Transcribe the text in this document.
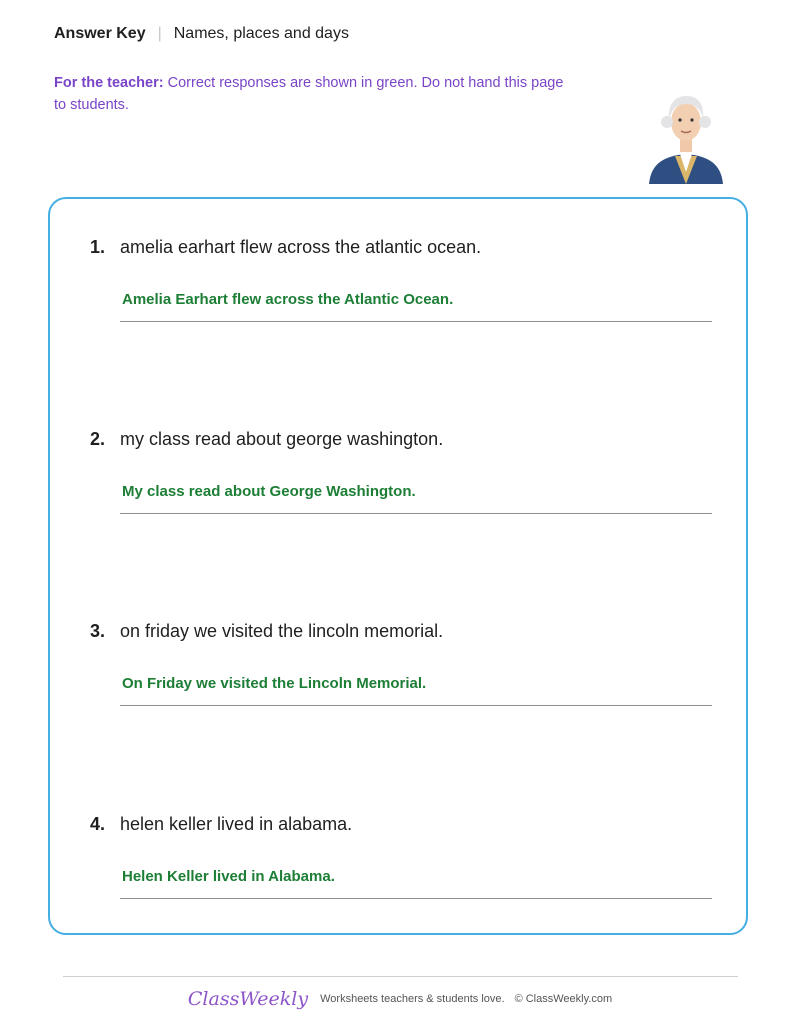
Answer Key | Names, places and days
For the teacher: Correct responses are shown in green. Do not hand this page to students.
1. amelia earhart flew across the atlantic ocean.
Amelia Earhart flew across the Atlantic Ocean.
2. my class read about george washington.
My class read about George Washington.
3. on friday we visited the lincoln memorial.
On Friday we visited the Lincoln Memorial.
4. helen keller lived in alabama.
Helen Keller lived in Alabama.
ClassWeekly Worksheets teachers & students love. © ClassWeekly.com
